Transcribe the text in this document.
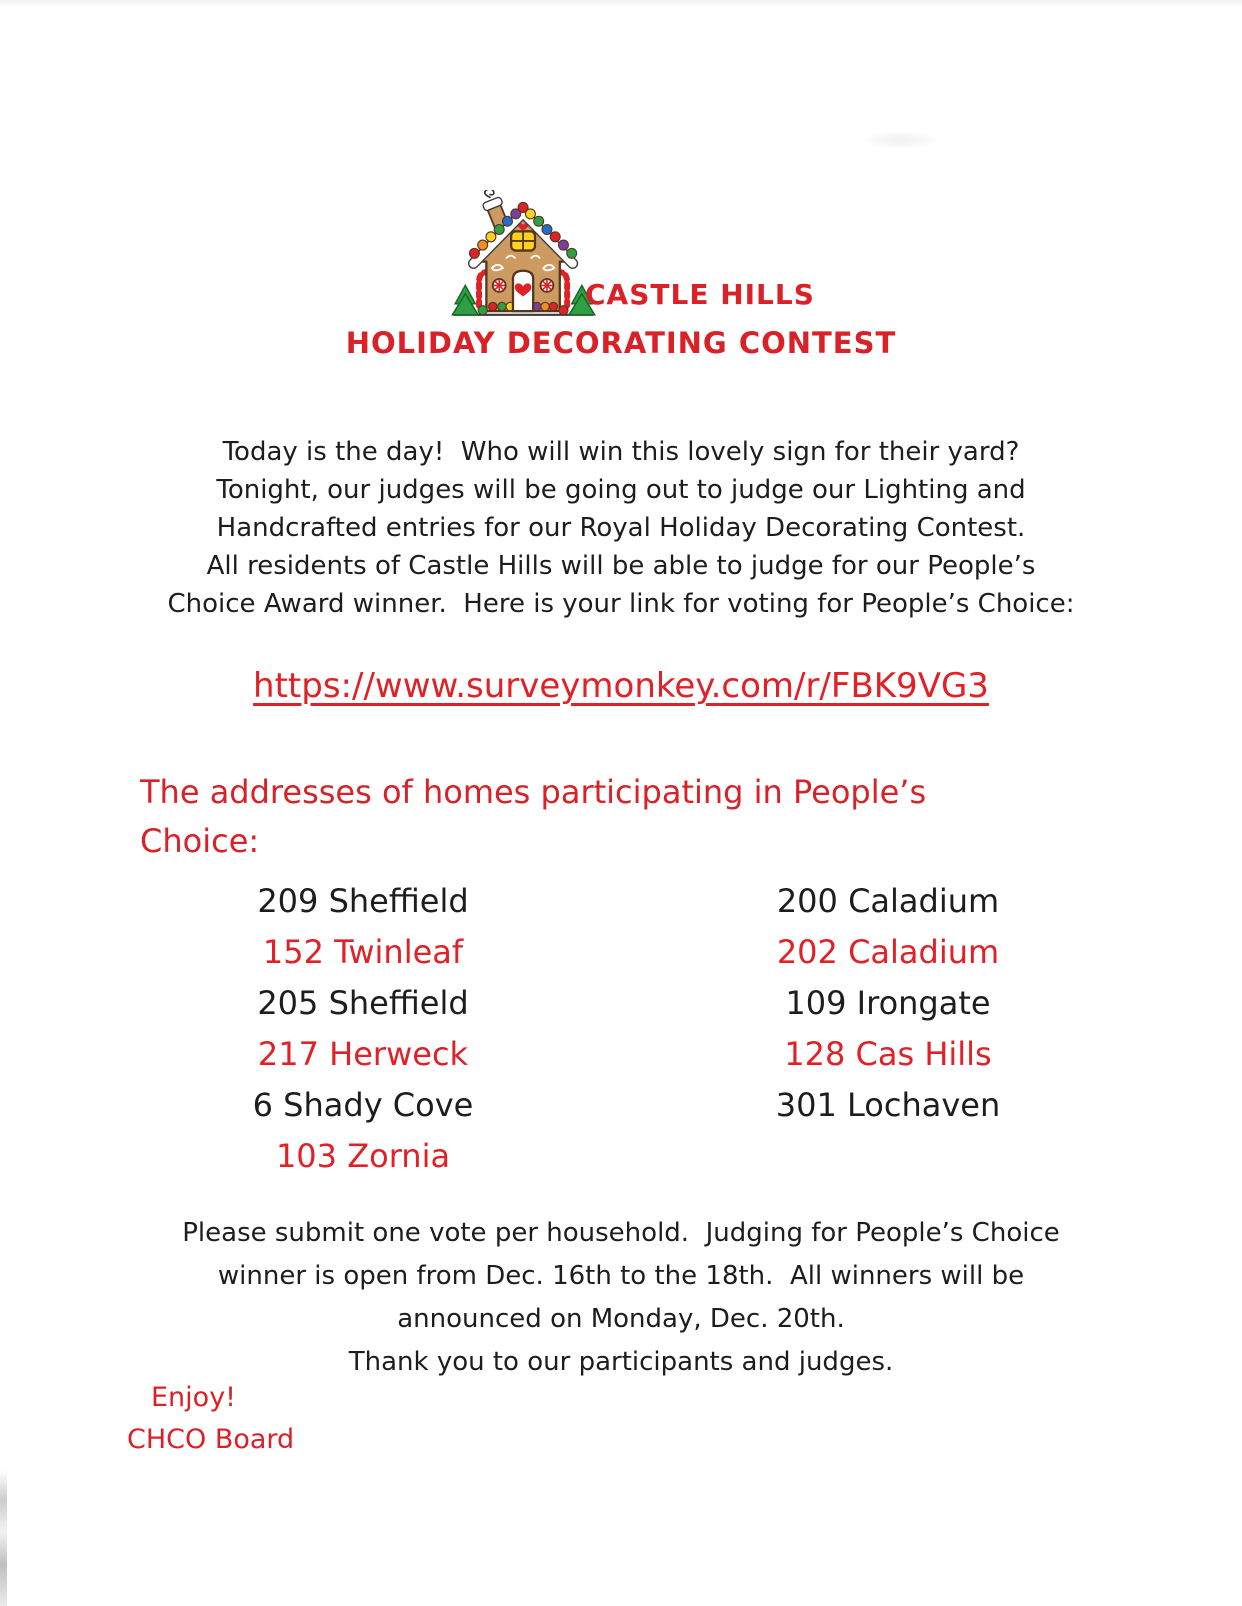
CASTLE HILLS
HOLIDAY DECORATING CONTEST
Today is the day!  Who will win this lovely sign for their yard?
Tonight, our judges will be going out to judge our Lighting and
Handcrafted entries for our Royal Holiday Decorating Contest.
All residents of Castle Hills will be able to judge for our People’s
Choice Award winner.  Here is your link for voting for People’s Choice:
https://www.surveymonkey.com/r/FBK9VG3
The addresses of homes participating in People’s
Choice:
209 Sheffield
152 Twinleaf
205 Sheffield
217 Herweck
6 Shady Cove
103 Zornia
200 Caladium
202 Caladium
109 Irongate
128 Cas Hills
301 Lochaven
Please submit one vote per household.  Judging for People’s Choice
winner is open from Dec. 16th to the 18th.  All winners will be
announced on Monday, Dec. 20th.
Thank you to our participants and judges.
Enjoy!
CHCO Board
